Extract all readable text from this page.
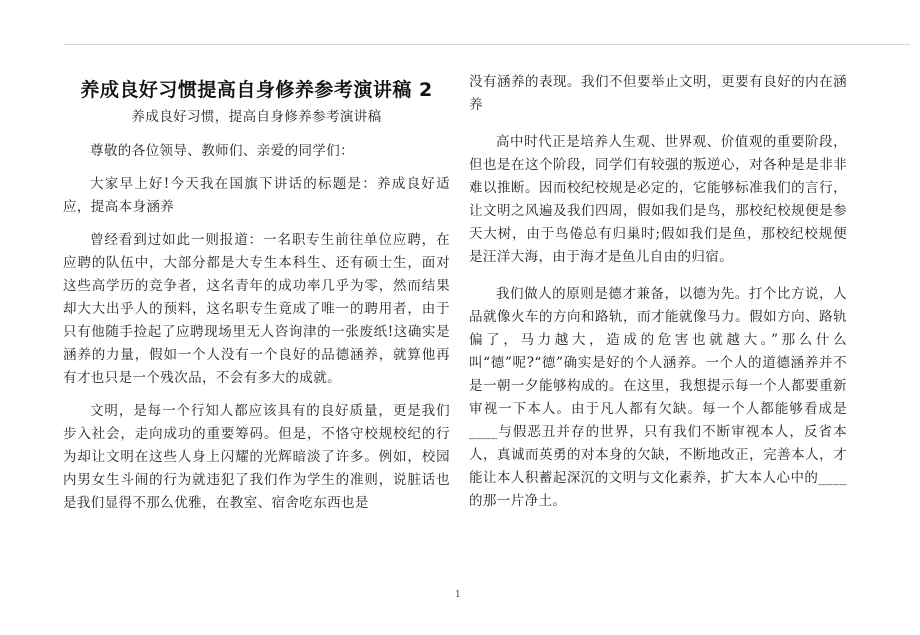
养成良好习惯提高自身修养参考演讲稿 2
养成良好习惯，提高自身修养参考演讲稿

尊敬的各位领导、教师们、亲爱的同学们：

大家早上好!今天我在国旗下讲话的标题是：养成良好适应，提高本身涵养

曾经看到过如此一则报道：一名职专生前往单位应聘，在应聘的队伍中，大部分都是大专生本科生、还有硕士生，面对这些高学历的竞争者，这名青年的成功率几乎为零，然而结果却大大出乎人的预料，这名职专生竟成了唯一的聘用者，由于只有他随手捡起了应聘现场里无人咨询津的一张废纸!这确实是涵养的力量，假如一个人没有一个良好的品德涵养，就算他再有才也只是一个残次品，不会有多大的成就。

文明，是每一个行知人都应该具有的良好质量，更是我们步入社会，走向成功的重要筹码。但是，不恪守校规校纪的行为却让文明在这些人身上闪耀的光辉暗淡了许多。例如，校园内男女生斗闹的行为就违犯了我们作为学生的准则，说脏话也是我们显得不那么优雅，在教室、宿舍吃东西也是

没有涵养的表现。我们不但要举止文明，更要有良好的内在涵养

高中时代正是培养人生观、世界观、价值观的重要阶段，但也是在这个阶段，同学们有较强的叛逆心，对各种是是非非难以推断。因而校纪校规是必定的，它能够标准我们的言行，让文明之风遍及我们四周，假如我们是鸟，那校纪校规便是参天大树，由于鸟倦总有归巢时;假如我们是鱼，那校纪校规便是汪洋大海，由于海才是鱼儿自由的归宿。

我们做人的原则是德才兼备，以德为先。打个比方说，人品就像火车的方向和路轨，而才能就像马力。假如方向、路轨偏了，马力越大，造成的危害也就越大。”那么什么叫“德”呢?“德”确实是好的个人涵养。一个人的道德涵养并不是一朝一夕能够构成的。在这里，我想提示每一个人都要重新审视一下本人。由于凡人都有欠缺。每一个人都能够看成是____与假恶丑并存的世界，只有我们不断审视本人，反省本人，真诚而英勇的对本身的欠缺，不断地改正，完善本人，才能让本人积蓄起深沉的文明与文化素养，扩大本人心中的____的那一片净土。

1
